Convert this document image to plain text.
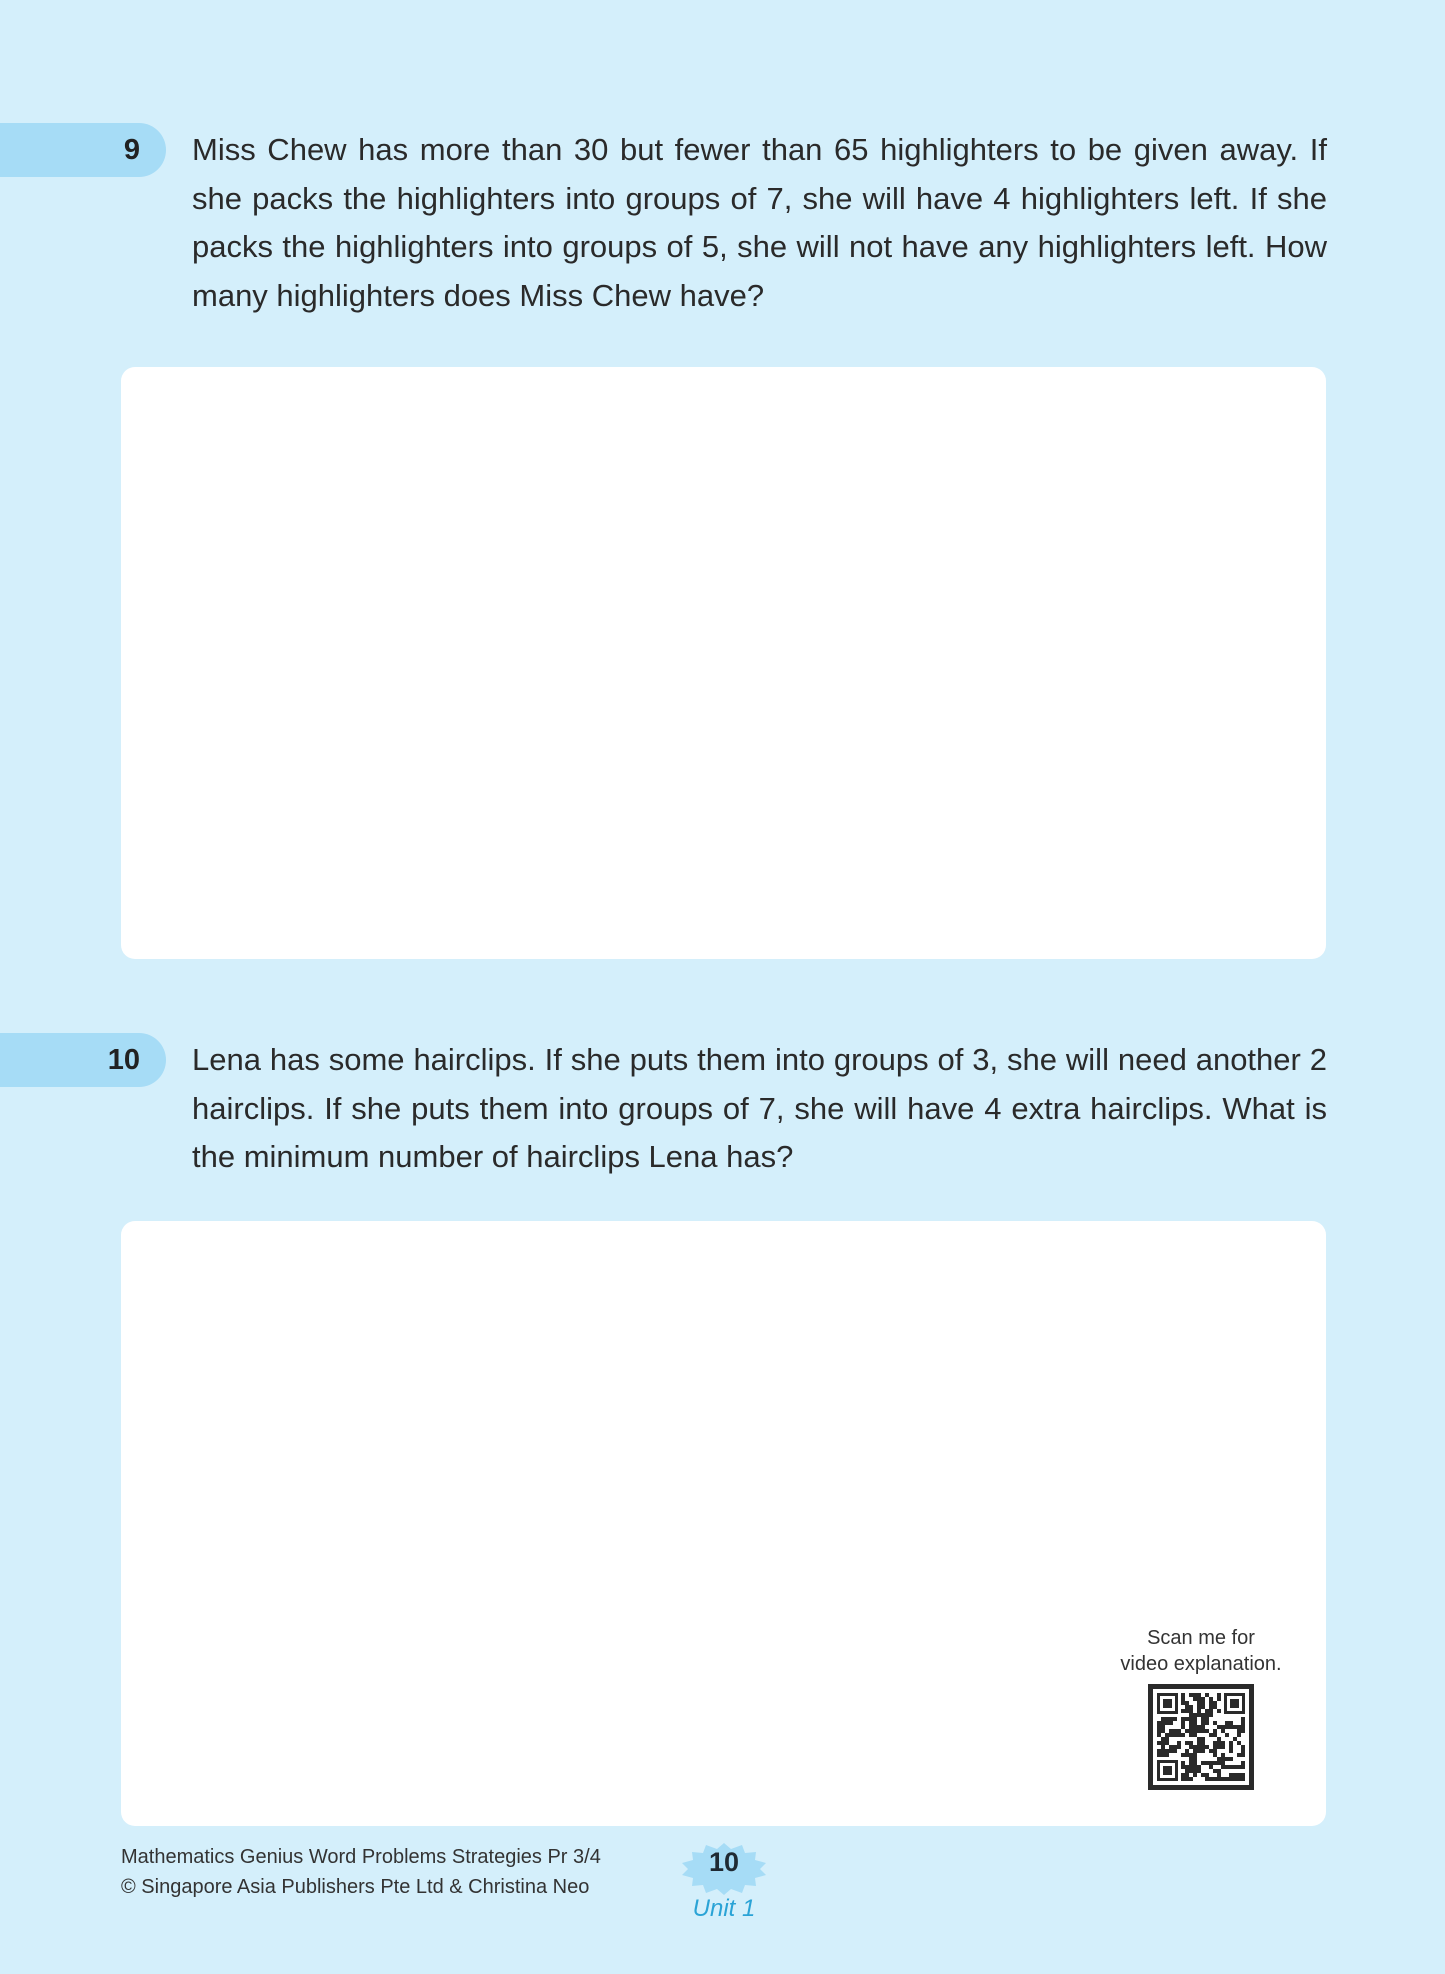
9 Miss Chew has more than 30 but fewer than 65 highlighters to be given away. If she packs the highlighters into groups of 7, she will have 4 highlighters left. If she packs the highlighters into groups of 5, she will not have any highlighters left. How many highlighters does Miss Chew have?

10 Lena has some hairclips. If she puts them into groups of 3, she will need another 2 hairclips. If she puts them into groups of 7, she will have 4 extra hairclips. What is the minimum number of hairclips Lena has?

Scan me for
video explanation.
Mathematics Genius Word Problems Strategies Pr 3/4
© Singapore Asia Publishers Pte Ltd & Christina Neo
10
Unit 1
